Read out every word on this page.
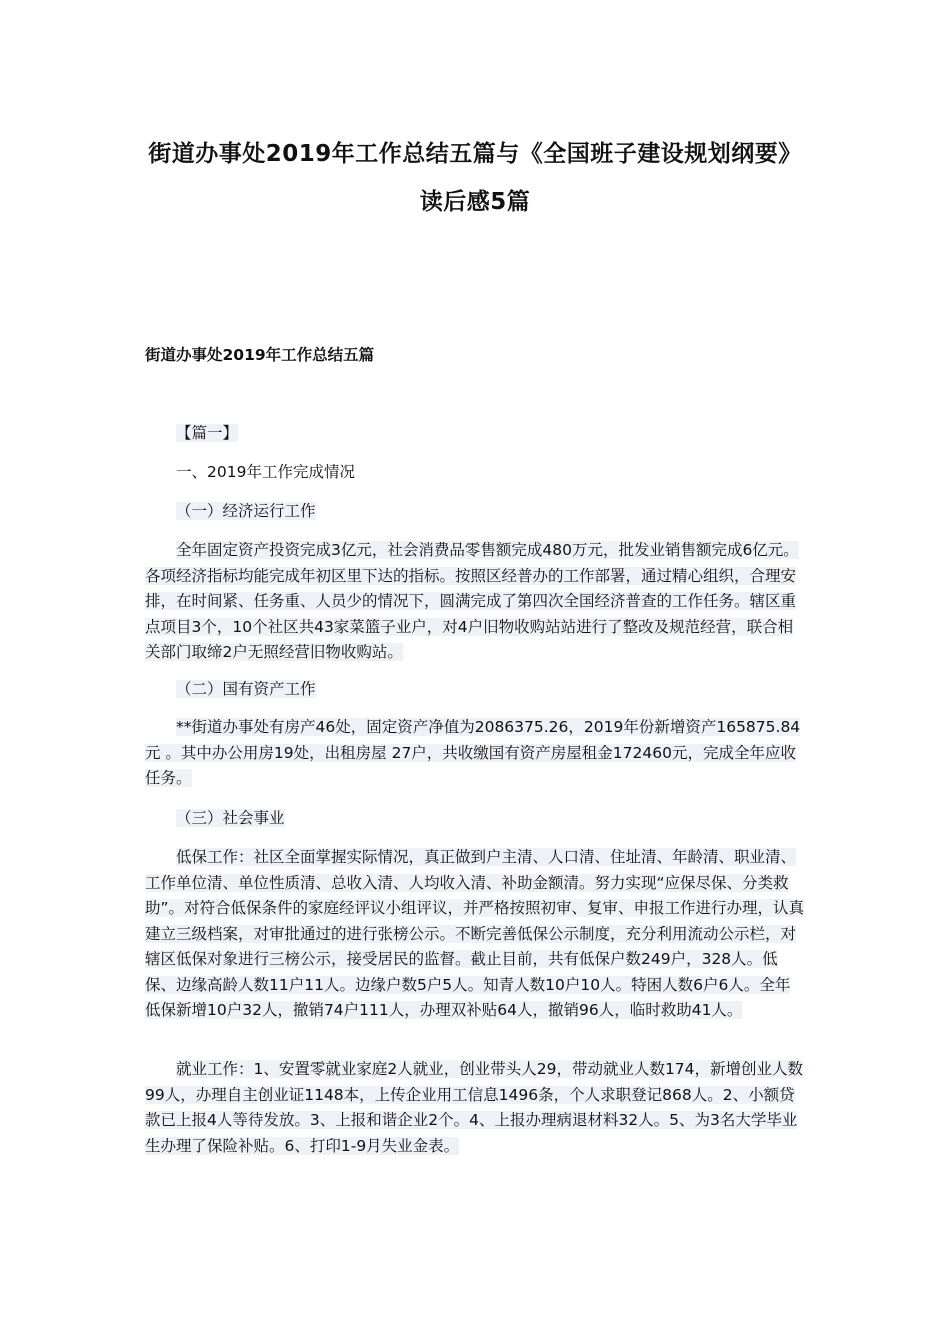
街道办事处2019年工作总结五篇与《全国班子建设规划纲要》读后感5篇
街道办事处2019年工作总结五篇

【篇一】

一、2019年工作完成情况

（一）经济运行工作

全年固定资产投资完成3亿元，社会消费品零售额完成480万元，批发业销售额完成6亿元。各项经济指标均能完成年初区里下达的指标。按照区经普办的工作部署，通过精心组织，合理安排，在时间紧、任务重、人员少的情况下，圆满完成了第四次全国经济普查的工作任务。辖区重点项目3个，10个社区共43家菜篮子业户，对4户旧物收购站站进行了整改及规范经营，联合相关部门取缔2户无照经营旧物收购站。

（二）国有资产工作

**街道办事处有房产46处，固定资产净值为2086375.26，2019年份新增资产165875.84元 。其中办公用房19处，出租房屋 27户，共收缴国有资产房屋租金172460元，完成全年应收任务。

（三）社会事业

低保工作：社区全面掌握实际情况，真正做到户主清、人口清、住址清、年龄清、职业清、工作单位清、单位性质清、总收入清、人均收入清、补助金额清。努力实现“应保尽保、分类救助”。对符合低保条件的家庭经评议小组评议，并严格按照初审、复审、申报工作进行办理，认真建立三级档案，对审批通过的进行张榜公示。不断完善低保公示制度，充分利用流动公示栏，对辖区低保对象进行三榜公示，接受居民的监督。截止目前，共有低保户数249户，328人。低保、边缘高龄人数11户11人。边缘户数5户5人。知青人数10户10人。特困人数6户6人。全年低保新增10户32人，撤销74户111人，办理双补贴64人，撤销96人，临时救助41人。

就业工作：1、安置零就业家庭2人就业，创业带头人29，带动就业人数174，新增创业人数99人，办理自主创业证1148本，上传企业用工信息1496条，个人求职登记868人。2、小额贷款已上报4人等待发放。3、上报和谐企业2个。4、上报办理病退材料32人。5、为3名大学毕业生办理了保险补贴。6、打印1-9月失业金表。
